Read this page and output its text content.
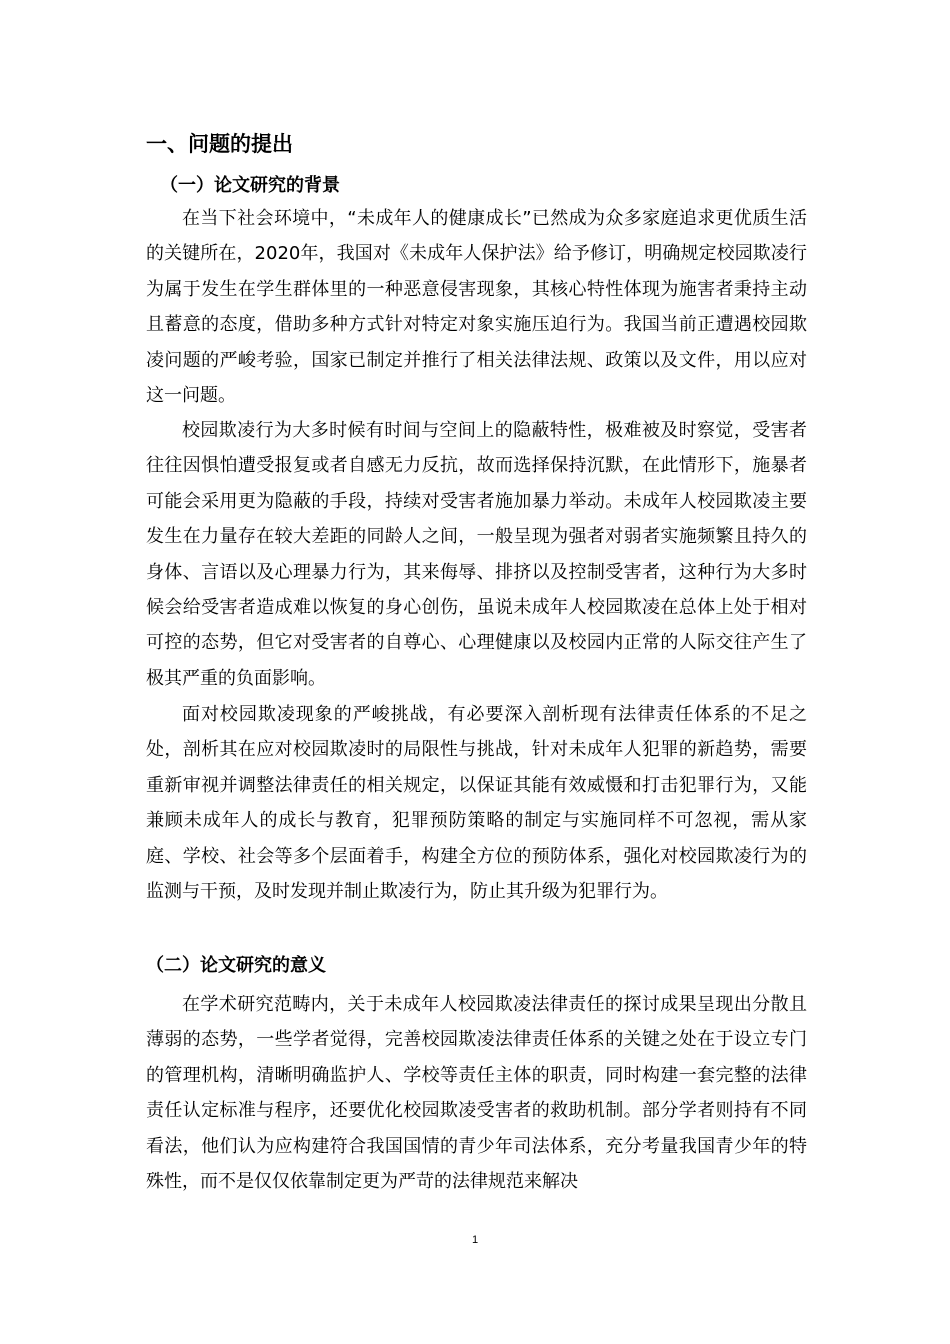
一、问题的提出
（一）论文研究的背景

在当下社会环境中，“未成年人的健康成长”已然成为众多家庭追求更优质生活的关键所在，2020年，我国对《未成年人保护法》给予修订，明确规定校园欺凌行为属于发生在学生群体里的一种恶意侵害现象，其核心特性体现为施害者秉持主动且蓄意的态度，借助多种方式针对特定对象实施压迫行为。我国当前正遭遇校园欺凌问题的严峻考验，国家已制定并推行了相关法律法规、政策以及文件，用以应对这一问题。

校园欺凌行为大多时候有时间与空间上的隐蔽特性，极难被及时察觉，受害者往往因惧怕遭受报复或者自感无力反抗，故而选择保持沉默，在此情形下，施暴者可能会采用更为隐蔽的手段，持续对受害者施加暴力举动。未成年人校园欺凌主要发生在力量存在较大差距的同龄人之间，一般呈现为强者对弱者实施频繁且持久的身体、言语以及心理暴力行为，其来侮辱、排挤以及控制受害者，这种行为大多时候会给受害者造成难以恢复的身心创伤，虽说未成年人校园欺凌在总体上处于相对可控的态势，但它对受害者的自尊心、心理健康以及校园内正常的人际交往产生了极其严重的负面影响。

面对校园欺凌现象的严峻挑战，有必要深入剖析现有法律责任体系的不足之处，剖析其在应对校园欺凌时的局限性与挑战，针对未成年人犯罪的新趋势，需要重新审视并调整法律责任的相关规定，以保证其能有效威慑和打击犯罪行为，又能兼顾未成年人的成长与教育，犯罪预防策略的制定与实施同样不可忽视，需从家庭、学校、社会等多个层面着手，构建全方位的预防体系，强化对校园欺凌行为的监测与干预，及时发现并制止欺凌行为，防止其升级为犯罪行为。

（二）论文研究的意义

在学术研究范畴内，关于未成年人校园欺凌法律责任的探讨成果呈现出分散且薄弱的态势，一些学者觉得，完善校园欺凌法律责任体系的关键之处在于设立专门的管理机构，清晰明确监护人、学校等责任主体的职责，同时构建一套完整的法律责任认定标准与程序，还要优化校园欺凌受害者的救助机制。部分学者则持有不同看法，他们认为应构建符合我国国情的青少年司法体系，充分考量我国青少年的特殊性，而不是仅仅依靠制定更为严苛的法律规范来解决

1
